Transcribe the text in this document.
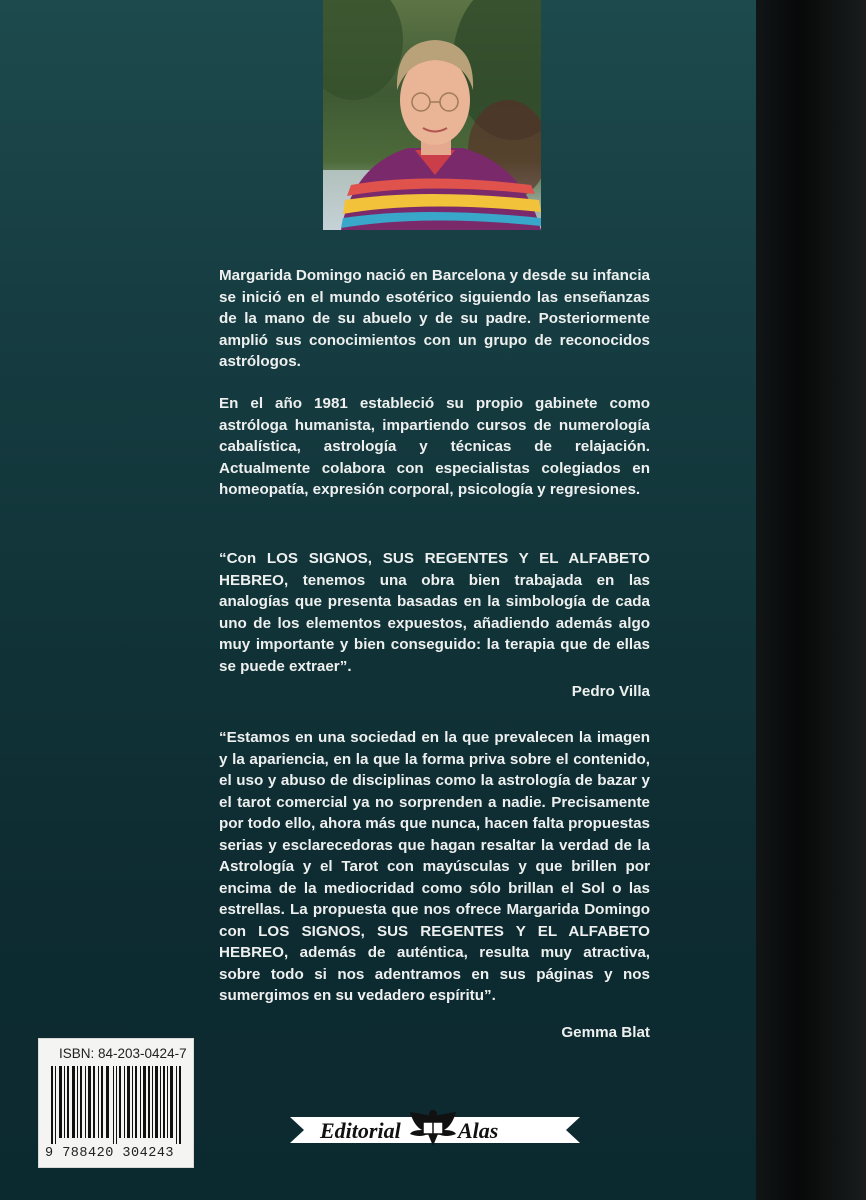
Margarida Domingo nació en Barcelona y desde su infancia se inició en el mundo esotérico siguiendo las enseñanzas de la mano de su abuelo y de su padre. Posteriormente amplió sus conocimientos con un grupo de reconocidos astrólogos.

En el año 1981 estableció su propio gabinete como astróloga humanista, impartiendo cursos de numerología cabalística, astrología y técnicas de relajación. Actualmente colabora con especialistas colegiados en homeopatía, expresión corporal, psicología y regresiones.

“Con LOS SIGNOS, SUS REGENTES Y EL ALFABETO HEBREO, tenemos una obra bien trabajada en las analogías que presenta basadas en la simbología de cada uno de los elementos expuestos, añadiendo además algo muy importante y bien conseguido: la terapia que de ellas se puede extraer”.

Pedro Villa

“Estamos en una sociedad en la que prevalecen la imagen y la apariencia, en la que la forma priva sobre el contenido, el uso y abuso de disciplinas como la astrología de bazar y el tarot comercial ya no sorprenden a nadie. Precisamente por todo ello, ahora más que nunca, hacen falta propuestas serias y esclarecedoras que hagan resaltar la verdad de la Astrología y el Tarot con mayúsculas y que brillen por encima de la mediocridad como sólo brillan el Sol o las estrellas. La propuesta que nos ofrece Margarida Domingo con LOS SIGNOS, SUS REGENTES Y EL ALFABETO HEBREO, además de auténtica, resulta muy atractiva, sobre todo si nos adentramos en sus páginas y nos sumergimos en su vedadero espíritu”.

Gemma Blat

ISBN: 84-203-0424-7
9 788420 304243
Editorial	Alas
